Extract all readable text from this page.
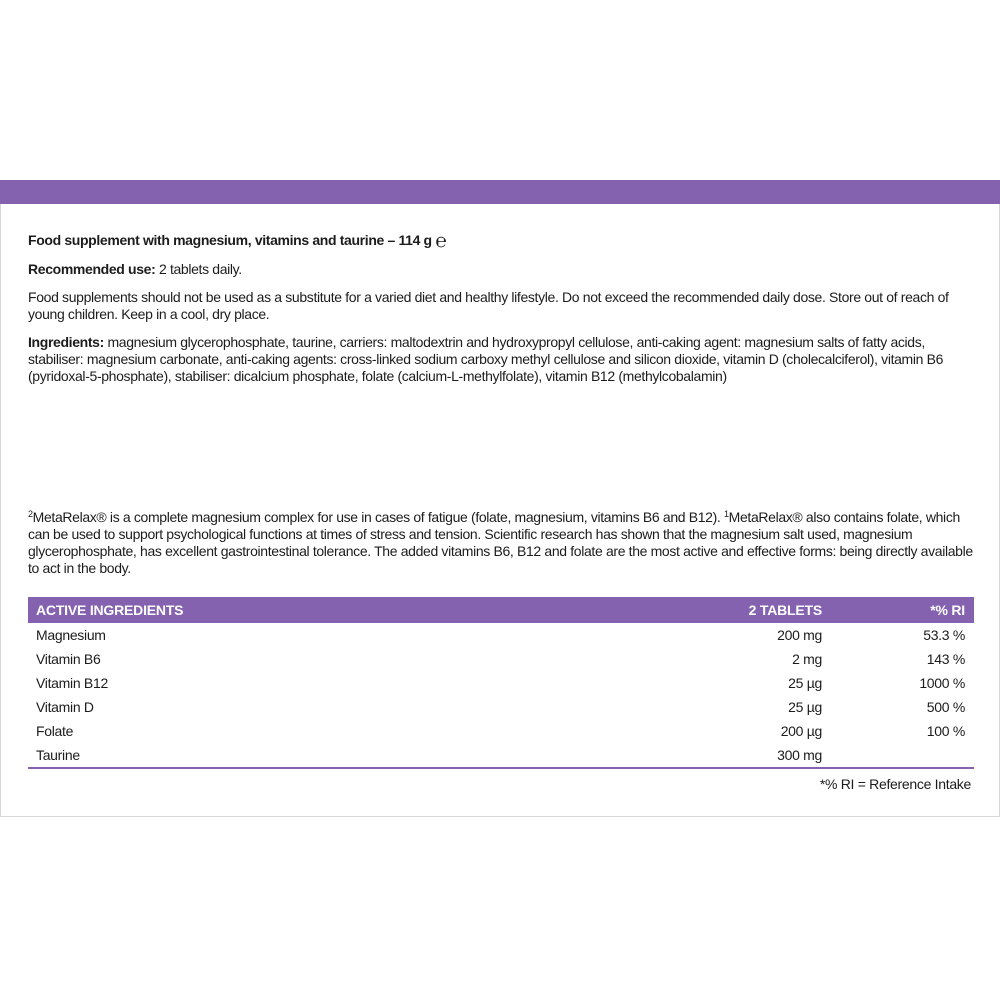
Food supplement with magnesium, vitamins and taurine – 114 g ℮

Recommended use: 2 tablets daily.

Food supplements should not be used as a substitute for a varied diet and healthy lifestyle. Do not exceed the recommended daily dose. Store out of reach of young children. Keep in a cool, dry place.

Ingredients: magnesium glycerophosphate, taurine, carriers: maltodextrin and hydroxypropyl cellulose, anti-caking agent: magnesium salts of fatty acids, stabiliser: magnesium carbonate, anti-caking agents: cross-linked sodium carboxy methyl cellulose and silicon dioxide, vitamin D (cholecalciferol), vitamin B6 (pyridoxal-5-phosphate), stabiliser: dicalcium phosphate, folate (calcium-L-methylfolate), vitamin B12 (methylcobalamin)

$^2$MetaRelax® is a complete magnesium complex for use in cases of fatigue (folate, magnesium, vitamins B6 and B12). $^1$MetaRelax® also contains folate, which can be used to support psychological functions at times of stress and tension. Scientific research has shown that the magnesium salt used, magnesium glycerophosphate, has excellent gastrointestinal tolerance. The added vitamins B6, B12 and folate are the most active and effective forms: being directly available to act in the body.
ACTIVE INGREDIENTS	2 TABLETS	*% RI
Magnesium	200 mg	53.3 %
Vitamin B6	2 mg	143 %
Vitamin B12	25 µg	1000 %
Vitamin D	25 µg	500 %
Folate	200 µg	100 %
Taurine	300 mg	
*% RI = Reference Intake
